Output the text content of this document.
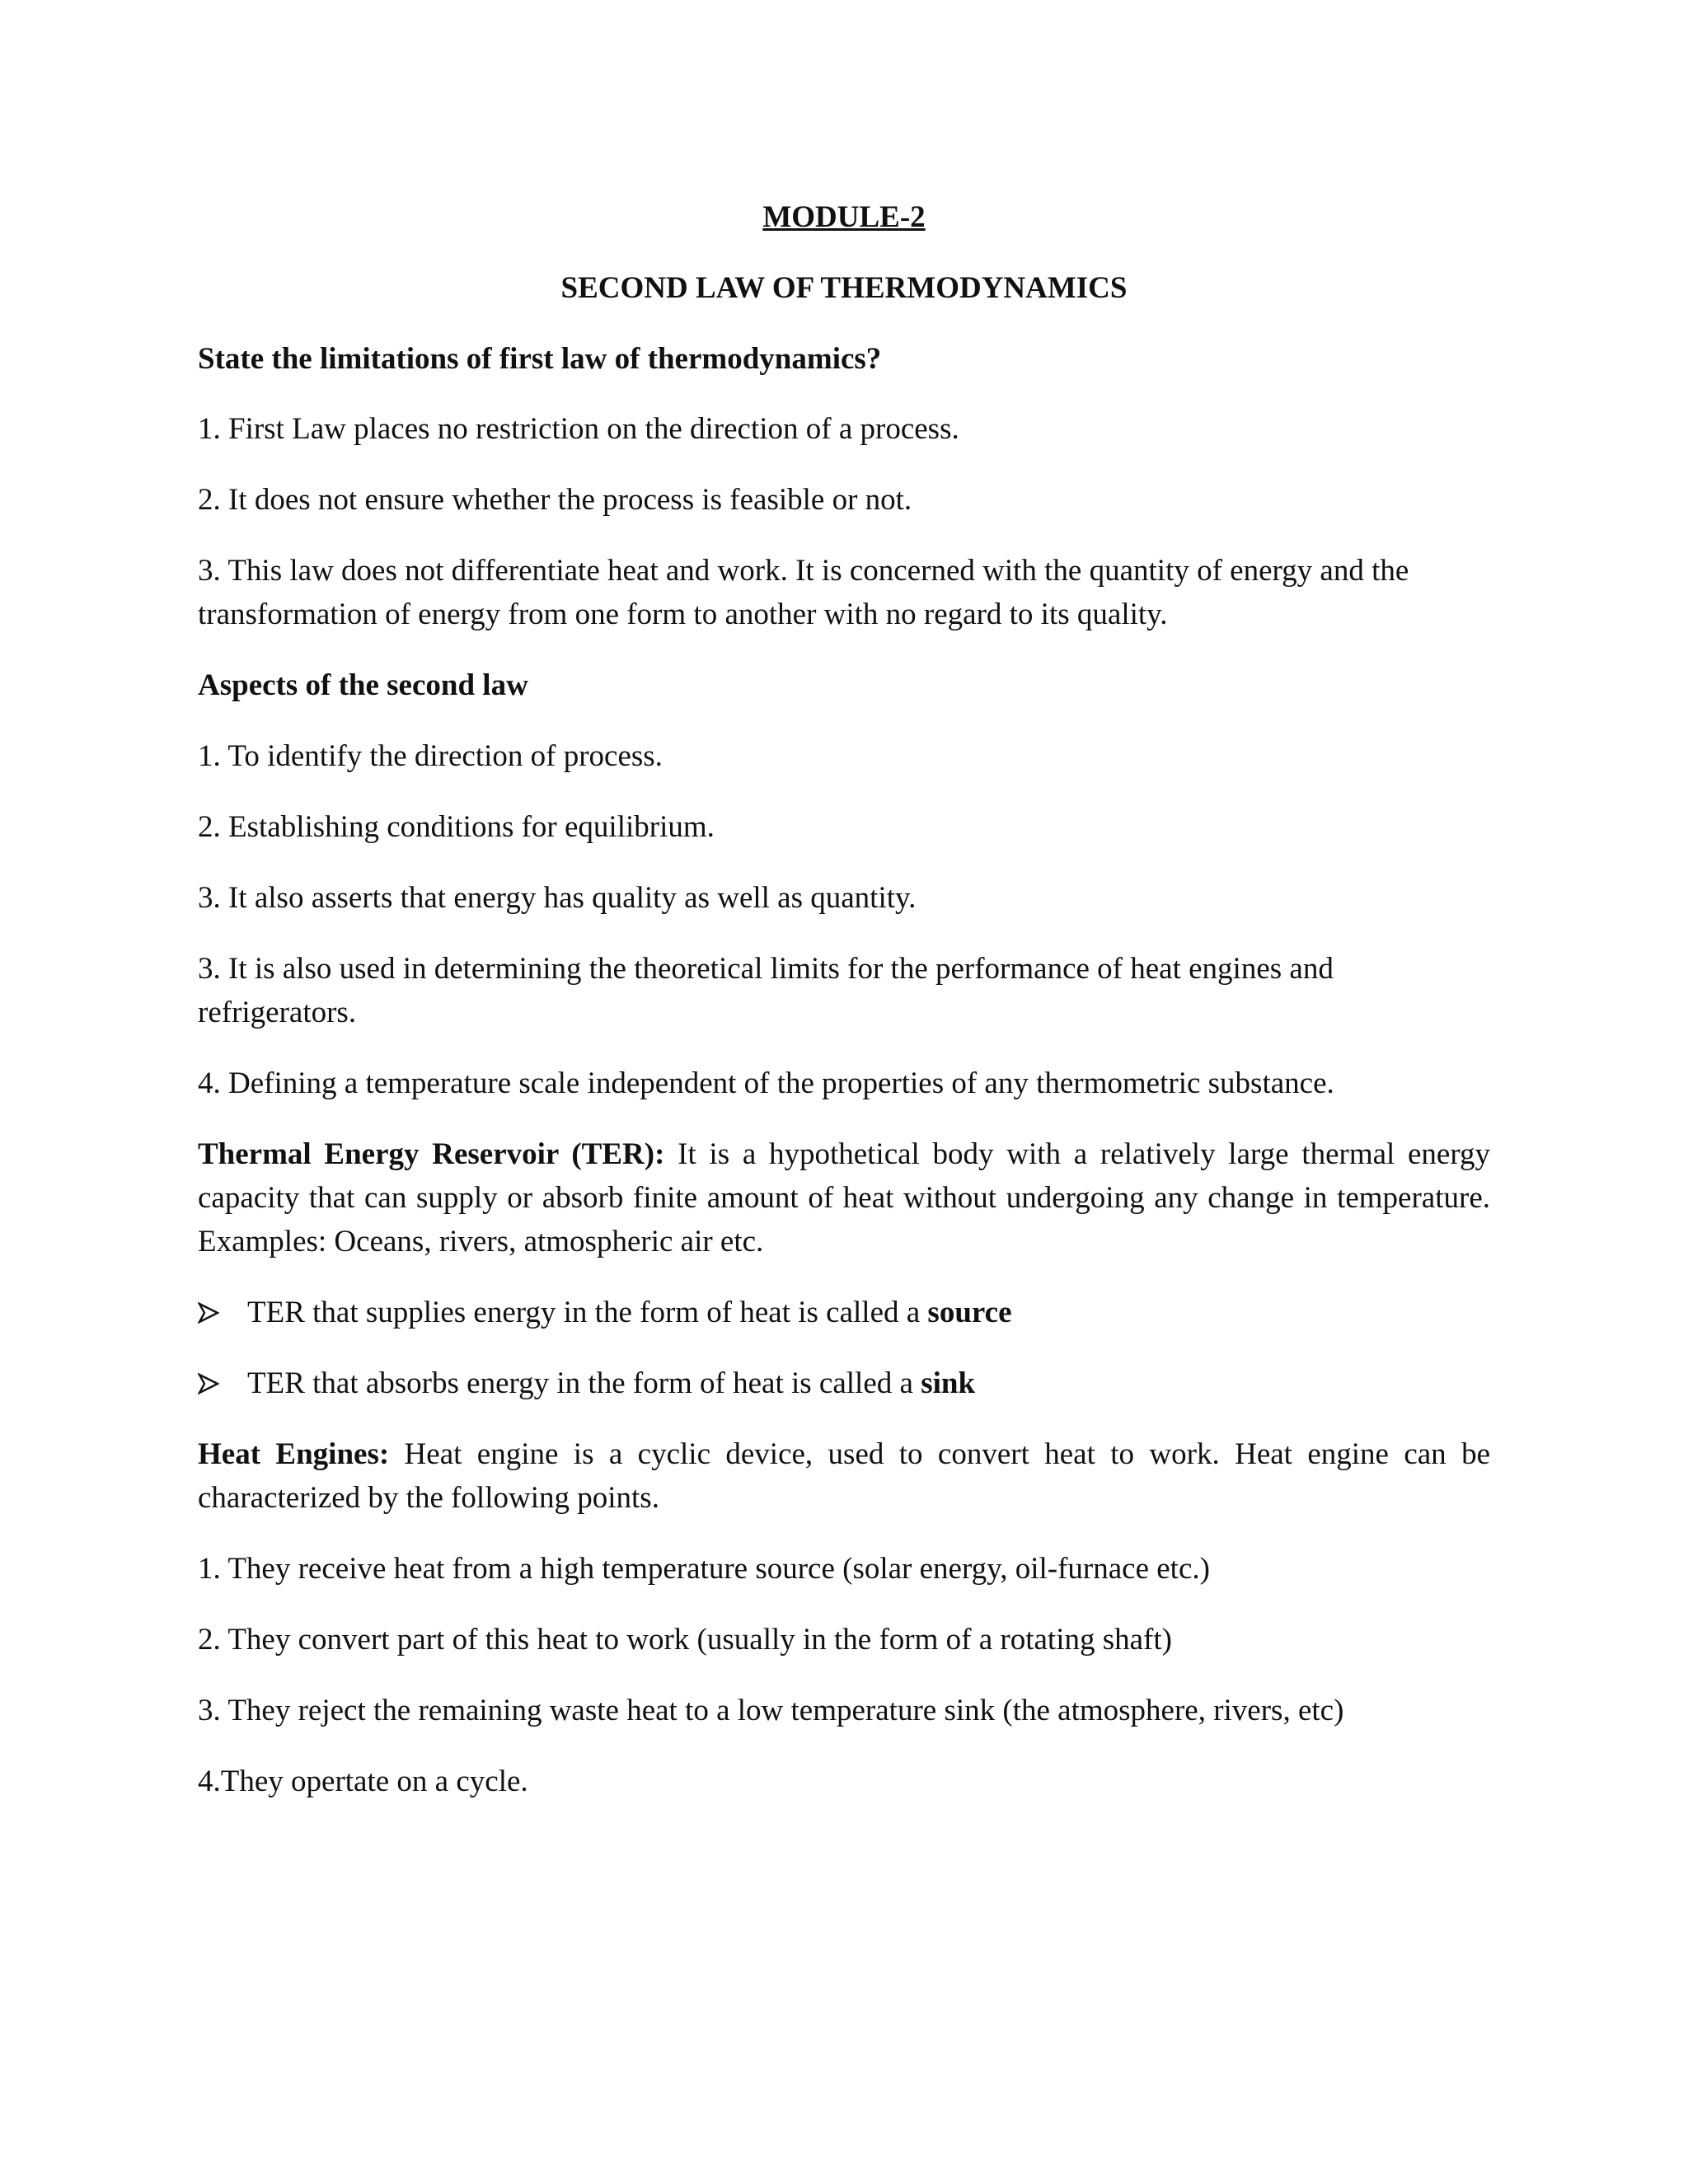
MODULE-2

SECOND LAW OF THERMODYNAMICS

State the limitations of first law of thermodynamics?

1. First Law places no restriction on the direction of a process.

2. It does not ensure whether the process is feasible or not.

3. This law does not differentiate heat and work. It is concerned with the quantity of energy and the transformation of energy from one form to another with no regard to its quality.

Aspects of the second law

1. To identify the direction of process.

2. Establishing conditions for equilibrium.

3. It also asserts that energy has quality as well as quantity.

3. It is also used in determining the theoretical limits for the performance of heat engines and refrigerators.

4. Defining a temperature scale independent of the properties of any thermometric substance.

Thermal Energy Reservoir (TER): It is a hypothetical body with a relatively large thermal energy capacity that can supply or absorb finite amount of heat without undergoing any change in temperature. Examples: Oceans, rivers, atmospheric air etc.

TER that supplies energy in the form of heat is called a source
TER that absorbs energy in the form of heat is called a sink

Heat Engines: Heat engine is a cyclic device, used to convert heat to work. Heat engine can be characterized by the following points.

1. They receive heat from a high temperature source (solar energy, oil-furnace etc.)

2. They convert part of this heat to work (usually in the form of a rotating shaft)

3. They reject the remaining waste heat to a low temperature sink (the atmosphere, rivers, etc)

4.They opertate on a cycle.
